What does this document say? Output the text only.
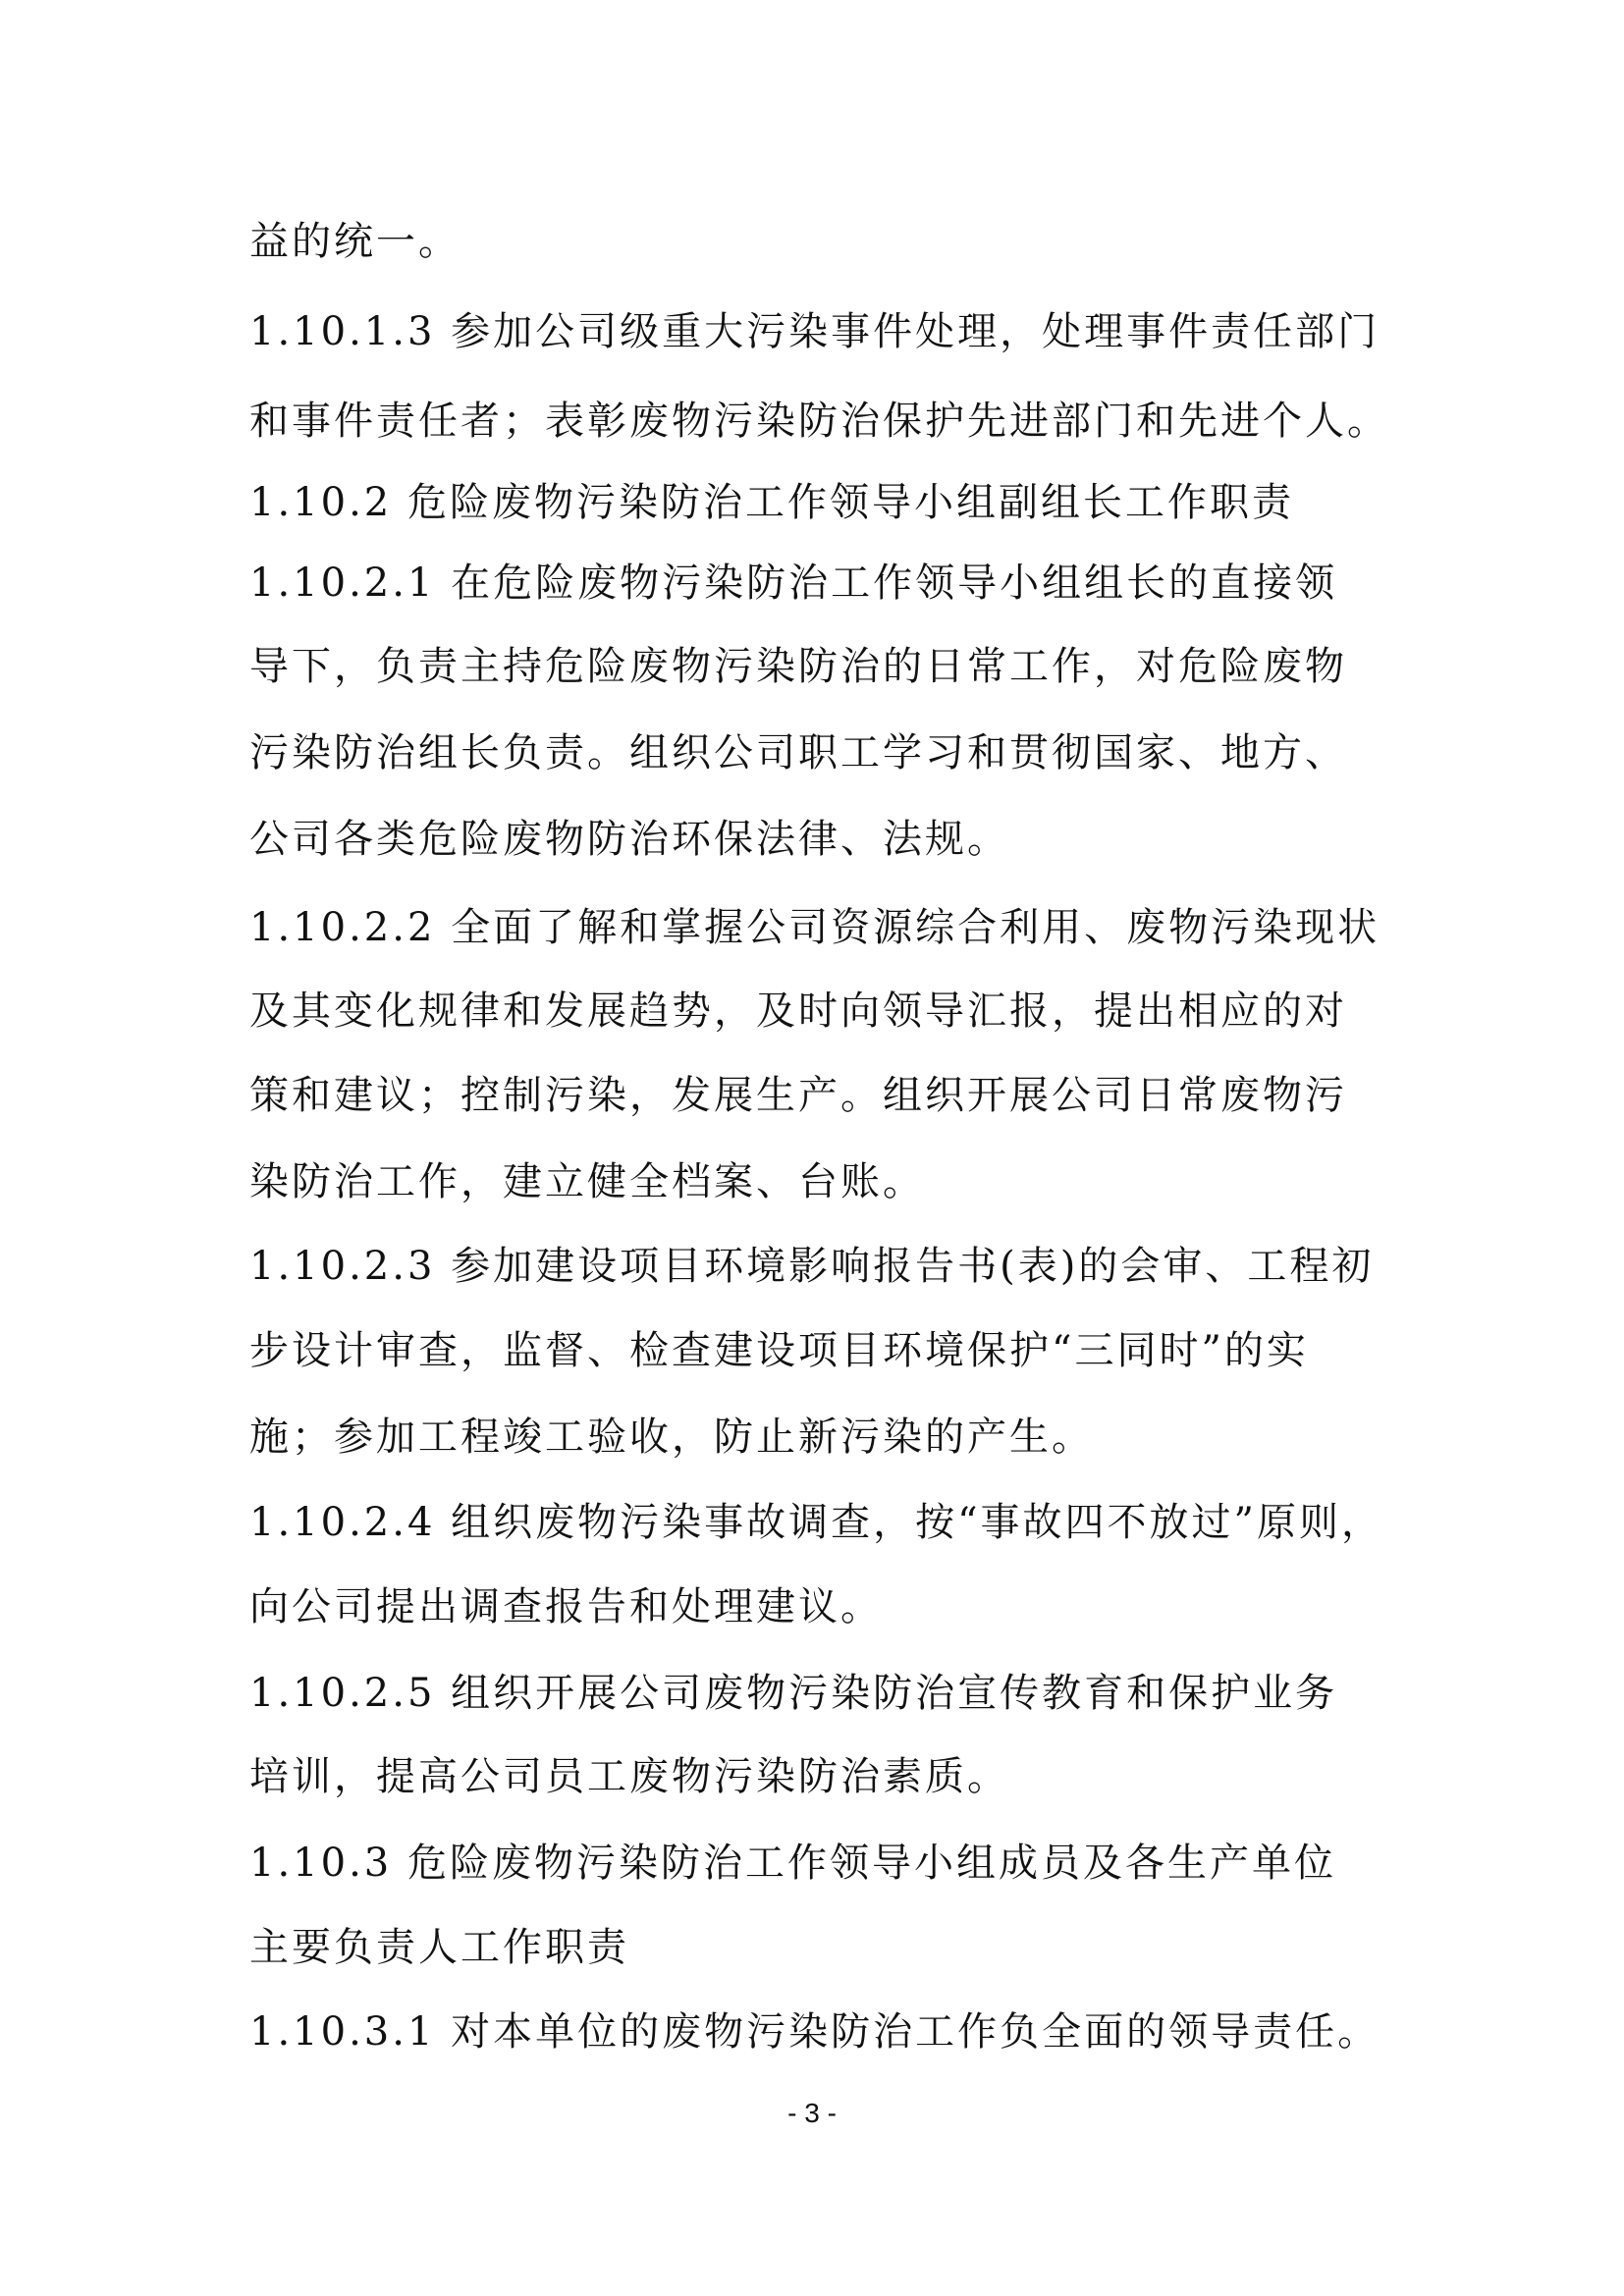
益的统一。
1.10.1.3 参加公司级重大污染事件处理，处理事件责任部门
和事件责任者；表彰废物污染防治保护先进部门和先进个人。
1.10.2 危险废物污染防治工作领导小组副组长工作职责
1.10.2.1 在危险废物污染防治工作领导小组组长的直接领
导下，负责主持危险废物污染防治的日常工作，对危险废物
污染防治组长负责。组织公司职工学习和贯彻国家、地方、
公司各类危险废物防治环保法律、法规。
1.10.2.2 全面了解和掌握公司资源综合利用、废物污染现状
及其变化规律和发展趋势，及时向领导汇报，提出相应的对
策和建议；控制污染，发展生产。组织开展公司日常废物污
染防治工作，建立健全档案、台账。
1.10.2.3 参加建设项目环境影响报告书(表)的会审、工程初
步设计审查，监督、检查建设项目环境保护“三同时”的实
施；参加工程竣工验收，防止新污染的产生。
1.10.2.4 组织废物污染事故调查，按“事故四不放过”原则，
向公司提出调查报告和处理建议。
1.10.2.5 组织开展公司废物污染防治宣传教育和保护业务
培训，提高公司员工废物污染防治素质。
1.10.3 危险废物污染防治工作领导小组成员及各生产单位
主要负责人工作职责
1.10.3.1 对本单位的废物污染防治工作负全面的领导责任。
- 3 -
